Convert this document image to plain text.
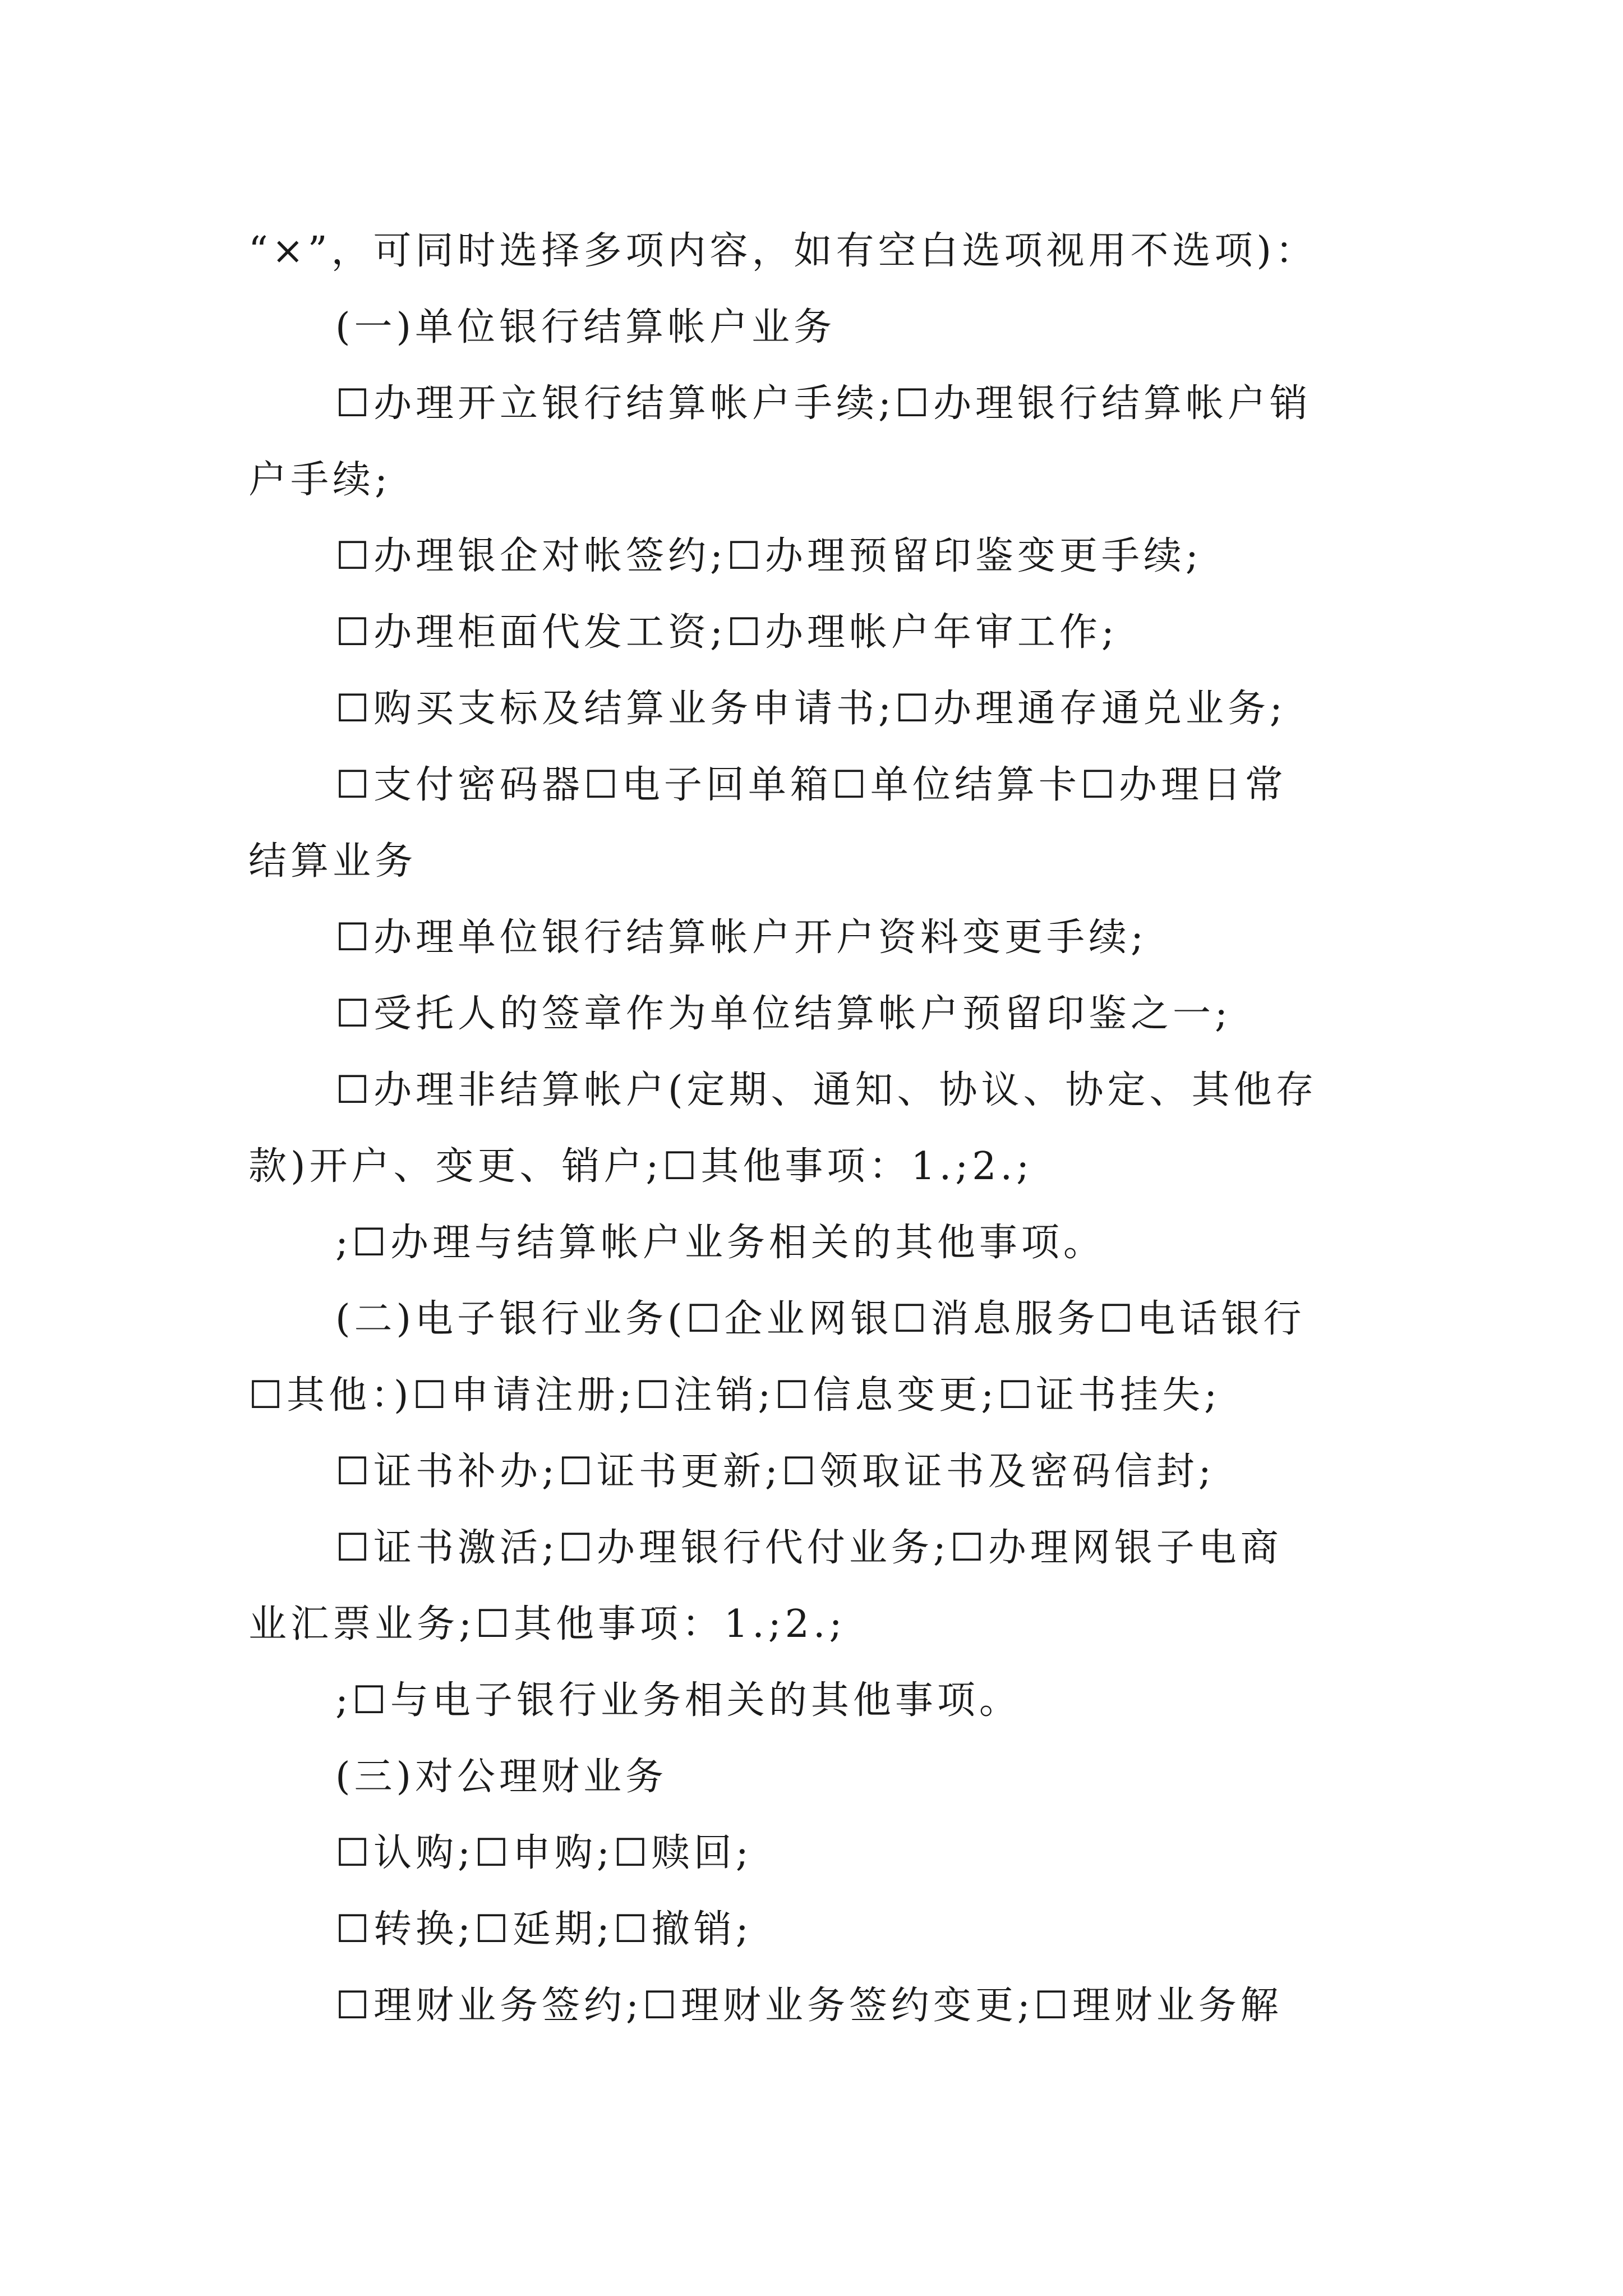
“×”，可同时选择多项内容，如有空白选项视用不选项)：
(一)单位银行结算帐户业务
☐办理开立银行结算帐户手续;☐办理银行结算帐户销
户手续;
☐办理银企对帐签约;☐办理预留印鉴变更手续;
☐办理柜面代发工资;☐办理帐户年审工作;
☐购买支标及结算业务申请书;☐办理通存通兑业务;
☐支付密码器☐电子回单箱☐单位结算卡☐办理日常
结算业务
☐办理单位银行结算帐户开户资料变更手续;
☐受托人的签章作为单位结算帐户预留印鉴之一;
☐办理非结算帐户(定期、通知、协议、协定、其他存
款)开户、变更、销户;☐其他事项：1.;2.;
;☐办理与结算帐户业务相关的其他事项。
(二)电子银行业务(☐企业网银☐消息服务☐电话银行
☐其他：)☐申请注册;☐注销;☐信息变更;☐证书挂失;
☐证书补办;☐证书更新;☐领取证书及密码信封;
☐证书激活;☐办理银行代付业务;☐办理网银子电商
业汇票业务;☐其他事项：1.;2.;
;☐与电子银行业务相关的其他事项。
(三)对公理财业务
☐认购;☐申购;☐赎回;
☐转换;☐延期;☐撤销;
☐理财业务签约;☐理财业务签约变更;☐理财业务解
